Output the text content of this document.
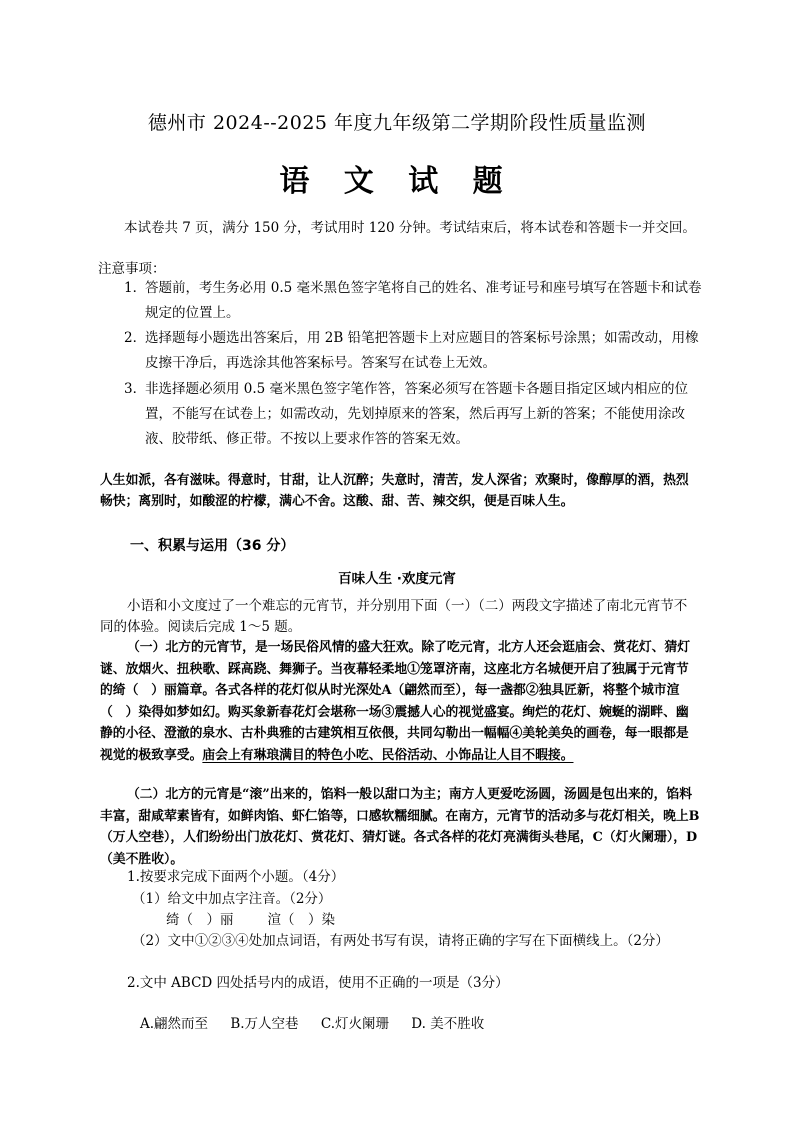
德州市 2024--2025 年度九年级第二学期阶段性质量监测
语 文 试 题
本试卷共 7 页，满分 150 分，考试用时 120 分钟。考试结束后，将本试卷和答题卡一并交回。
注意事项：
1．
答题前，考生务必用 0.5 毫米黑色签字笔将自己的姓名、准考证号和座号填写在答题卡和试卷规定的位置上。
2．
选择题每小题选出答案后，用 2B 铅笔把答题卡上对应题目的答案标号涂黑；如需改动，用橡皮擦干净后，再选涂其他答案标号。答案写在试卷上无效。
3．
非选择题必须用 0.5 毫米黑色签字笔作答，答案必须写在答题卡各题目指定区域内相应的位置，不能写在试卷上；如需改动，先划掉原来的答案，然后再写上新的答案；不能使用涂改液、胶带纸、修正带。不按以上要求作答的答案无效。
人生如派，各有滋味。得意时，甘甜，让人沉醉；失意时，清苦，发人深省；欢聚时，像醇厚的酒，热烈畅快；离别时，如酸涩的柠檬，满心不舍。这酸、甜、苦、辣交织，便是百味人生。
一、积累与运用（36 分）
百味人生 ·欢度元宵
小语和小文度过了一个难忘的元宵节，并分别用下面（一）（二）两段文字描述了南北元宵节不同的体验。阅读后完成 1～5 题。
（一）北方的元宵节，是一场民俗风情的盛大狂欢。除了吃元宵，北方人还会逛庙会、赏花灯、猜灯谜、放烟火、扭秧歌、踩高跷、舞狮子。当夜幕轻柔地①笼罩济南，这座北方名城便开启了独属于元宵节的绮（　）丽篇章。各式各样的花灯似从时光深处A（翩然而至），每一盏都②独具匠新，将整个城市渲（　）染得如梦如幻。购买象新春花灯会堪称一场③震撼人心的视觉盛宴。绚烂的花灯、婉蜒的湖畔、幽静的小径、澄澈的泉水、古朴典雅的古建筑相互依偎，共同勾勒出一幅幅④美轮美奂的画卷，每一眼都是视觉的极致享受。庙会上有琳琅满目的特色小吃、民俗活动、小饰品让人目不暇接。
（二）北方的元宵是“滚”出来的，馅料一般以甜口为主；南方人更爱吃汤圆，汤圆是包出来的，馅料丰富，甜咸荤素皆有，如鲜肉馅、虾仁馅等，口感软糯细腻。在南方，元宵节的活动多与花灯相关，晚上B（万人空巷），人们纷纷出门放花灯、赏花灯、猜灯谜。各式各样的花灯亮满街头巷尾，C（灯火阑珊），D（美不胜收）。
1.按要求完成下面两个小题。（4分）
（1）给文中加点字注音。（2分）
绮（　）丽	渲（　）染
（2）文中①②③④处加点词语，有两处书写有误，请将正确的字写在下面横线上。（2分）
2.文中 ABCD 四处括号内的成语，使用不正确的一项是（3分）
A.翩然而至 B.万人空巷 C.灯火阑珊 D. 美不胜收
